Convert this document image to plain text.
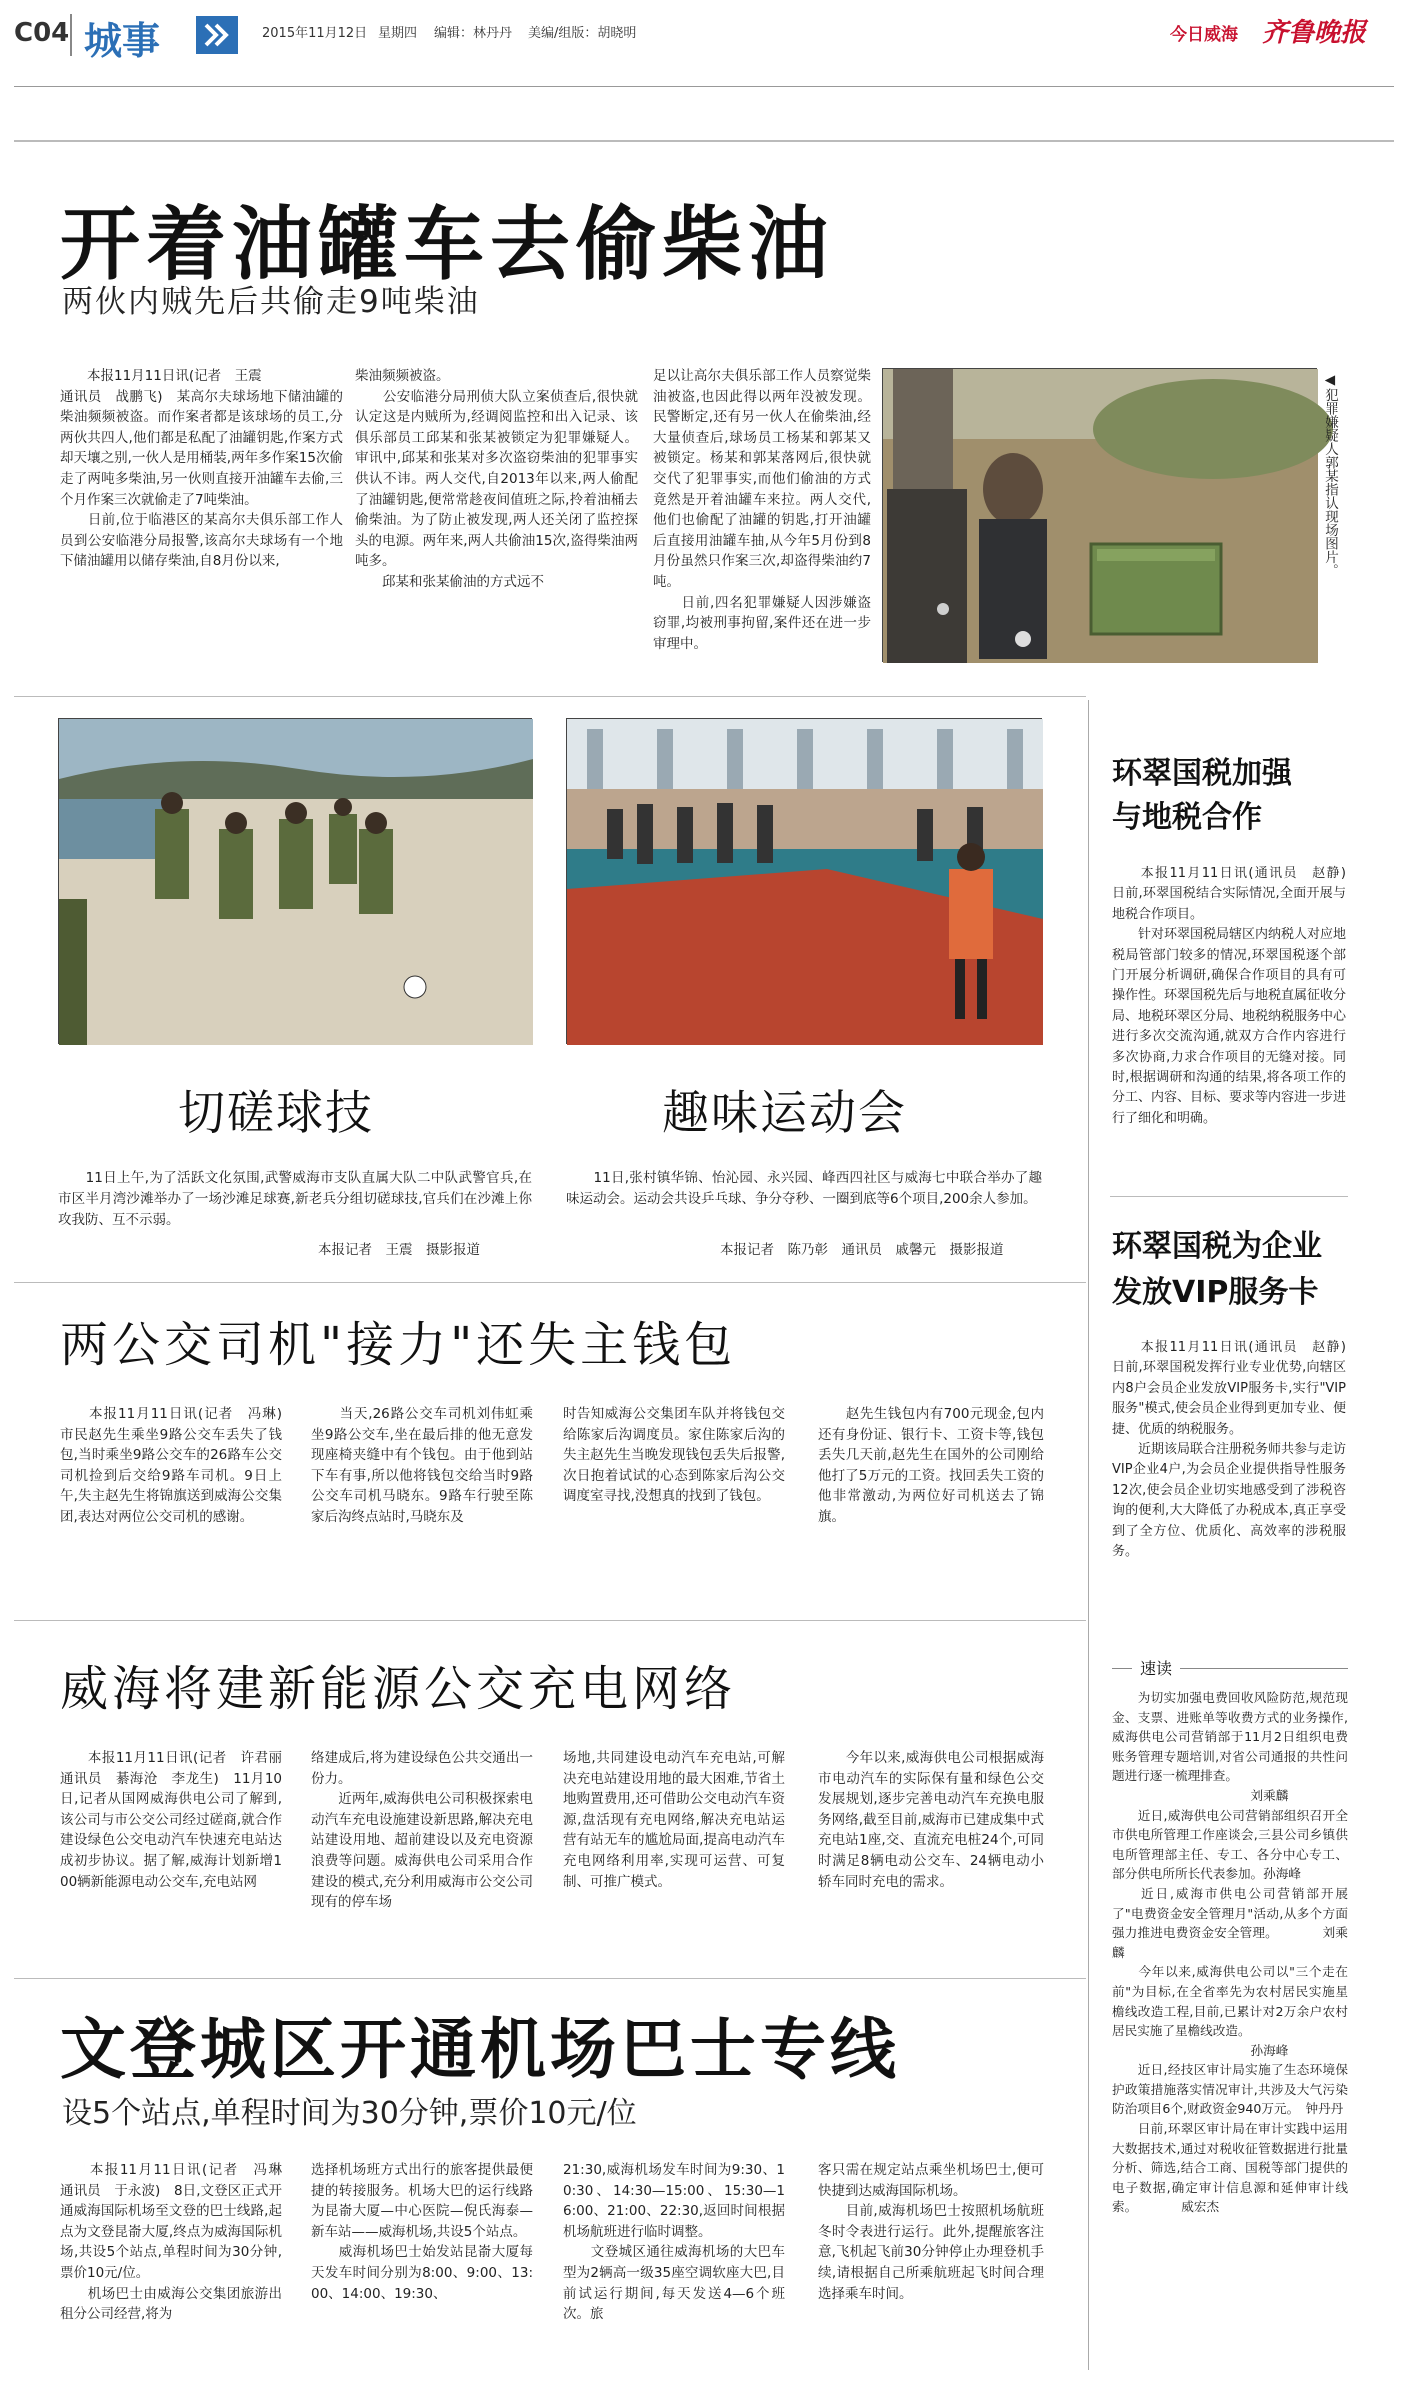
C04 城事	2015年11月12日 星期四 编辑：林丹丹 美编/组版：胡晓明	今日威海 齐鲁晚报
开着油罐车去偷柴油
两伙内贼先后共偷走9吨柴油
　　本报11月11日讯(记者　王震
通讯员　战鹏飞)　某高尔夫球场地下储油罐的柴油频频被盗。而作案者都是该球场的员工,分两伙共四人,他们都是私配了油罐钥匙,作案方式却天壤之别,一伙人是用桶装,两年多作案15次偷走了两吨多柴油,另一伙则直接开油罐车去偷,三个月作案三次就偷走了7吨柴油。
　　日前,位于临港区的某高尔夫俱乐部工作人员到公安临港分局报警,该高尔夫球场有一个地下储油罐用以储存柴油,自8月份以来,
柴油频频被盗。
　　公安临港分局刑侦大队立案侦查后,很快就认定这是内贼所为,经调阅监控和出入记录、该俱乐部员工邱某和张某被锁定为犯罪嫌疑人。审讯中,邱某和张某对多次盗窃柴油的犯罪事实供认不讳。两人交代,自2013年以来,两人偷配了油罐钥匙,便常常趁夜间值班之际,拎着油桶去偷柴油。为了防止被发现,两人还关闭了监控探头的电源。两年来,两人共偷油15次,盗得柴油两吨多。
　　邱某和张某偷油的方式远不
足以让高尔夫俱乐部工作人员察觉柴油被盗,也因此得以两年没被发现。民警断定,还有另一伙人在偷柴油,经大量侦查后,球场员工杨某和郭某又被锁定。杨某和郭某落网后,很快就交代了犯罪事实,而他们偷油的方式竟然是开着油罐车来拉。两人交代,他们也偷配了油罐的钥匙,打开油罐后直接用油罐车抽,从今年5月份到8月份虽然只作案三次,却盗得柴油约7吨。
　　日前,四名犯罪嫌疑人因涉嫌盗窃罪,均被刑事拘留,案件还在进一步审理中。
◀犯罪嫌疑人郭某指认现场图片。
切磋球技	趣味运动会
　　11日上午,为了活跃文化氛围,武警威海市支队直属大队二中队武警官兵,在市区半月湾沙滩举办了一场沙滩足球赛,新老兵分组切磋球技,官兵们在沙滩上你攻我防、互不示弱。
本报记者　王震　摄影报道
　　11日,张村镇华锦、怡沁园、永兴园、峰西四社区与威海七中联合举办了趣味运动会。运动会共设乒乓球、争分夺秒、一圈到底等6个项目,200余人参加。
本报记者　陈乃彰　通讯员　戚馨元　摄影报道
两公交司机"接力"还失主钱包
　　本报11月11日讯(记者　冯琳)　市民赵先生乘坐9路公交车丢失了钱包,当时乘坐9路公交车的26路车公交司机捡到后交给9路车司机。9日上午,失主赵先生将锦旗送到威海公交集团,表达对两位公交司机的感谢。
　　当天,26路公交车司机刘伟虹乘坐9路公交车,坐在最后排的他无意发现座椅夹缝中有个钱包。由于他到站下车有事,所以他将钱包交给当时9路公交车司机马晓东。9路车行驶至陈家后沟终点站时,马晓东及
时告知威海公交集团车队并将钱包交给陈家后沟调度员。家住陈家后沟的失主赵先生当晚发现钱包丢失后报警,次日抱着试试的心态到陈家后沟公交调度室寻找,没想真的找到了钱包。
　　赵先生钱包内有700元现金,包内还有身份证、银行卡、工资卡等,钱包丢失几天前,赵先生在国外的公司刚给他打了5万元的工资。找回丢失工资的他非常激动,为两位好司机送去了锦旗。
威海将建新能源公交充电网络
　　本报11月11日讯(记者　许君丽　通讯员　綦海沧　李龙生)　11月10日,记者从国网威海供电公司了解到,该公司与市公交公司经过磋商,就合作建设绿色公交电动汽车快速充电站达成初步协议。据了解,威海计划新增100辆新能源电动公交车,充电站网
络建成后,将为建设绿色公共交通出一份力。
　　近两年,威海供电公司积极探索电动汽车充电设施建设新思路,解决充电站建设用地、超前建设以及充电资源浪费等问题。威海供电公司采用合作建设的模式,充分利用威海市公交公司现有的停车场
场地,共同建设电动汽车充电站,可解决充电站建设用地的最大困难,节省土地购置费用,还可借助公交电动汽车资源,盘活现有充电网络,解决充电站运营有站无车的尴尬局面,提高电动汽车充电网络利用率,实现可运营、可复制、可推广模式。
　　今年以来,威海供电公司根据威海市电动汽车的实际保有量和绿色公交发展规划,逐步完善电动汽车充换电服务网络,截至目前,威海市已建成集中式充电站1座,交、直流充电桩24个,可同时满足8辆电动公交车、24辆电动小轿车同时充电的需求。
文登城区开通机场巴士专线
设5个站点,单程时间为30分钟,票价10元/位
　　本报11月11日讯(记者　冯琳　通讯员　于永波)　8日,文登区正式开通威海国际机场至文登的巴士线路,起点为文登昆嵛大厦,终点为威海国际机场,共设5个站点,单程时间为30分钟,票价10元/位。
　　机场巴士由威海公交集团旅游出租分公司经营,将为
选择机场班方式出行的旅客提供最便捷的转接服务。机场大巴的运行线路为昆嵛大厦—中心医院—倪氏海泰—新车站——威海机场,共设5个站点。
　　威海机场巴士始发站昆嵛大厦每天发车时间分别为8:00、9:00、13:00、14:00、19:30、
21:30,威海机场发车时间为9:30、10:30、14:30—15:00、15:30—16:00、21:00、22:30,返回时间根据机场航班进行临时调整。
　　文登城区通往威海机场的大巴车型为2辆高一级35座空调软座大巴,目前试运行期间,每天发送4—6个班次。旅
客只需在规定站点乘坐机场巴士,便可快捷到达威海国际机场。
　　目前,威海机场巴士按照机场航班冬时令表进行运行。此外,提醒旅客注意,飞机起飞前30分钟停止办理登机手续,请根据自己所乘航班起飞时间合理选择乘车时间。
环翠国税加强
与地税合作
　　本报11月11日讯(通讯员　赵静)　日前,环翠国税结合实际情况,全面开展与地税合作项目。
　　针对环翠国税局辖区内纳税人对应地税局管部门较多的情况,环翠国税逐个部门开展分析调研,确保合作项目的具有可操作性。环翠国税先后与地税直属征收分局、地税环翠区分局、地税纳税服务中心进行多次交流沟通,就双方合作内容进行多次协商,力求合作项目的无缝对接。同时,根据调研和沟通的结果,将各项工作的分工、内容、目标、要求等内容进一步进行了细化和明确。
环翠国税为企业
发放VIP服务卡
　　本报11月11日讯(通讯员　赵静)　日前,环翠国税发挥行业专业优势,向辖区内8户会员企业发放VIP服务卡,实行"VIP服务"模式,使会员企业得到更加专业、便捷、优质的纳税服务。
　　近期该局联合注册税务师共参与走访VIP企业4户,为会员企业提供指导性服务12次,使会员企业切实地感受到了涉税咨询的便利,大大降低了办税成本,真正享受到了全方位、优质化、高效率的涉税服务。
速读
　　为切实加强电费回收风险防范,规范现金、支票、进账单等收费方式的业务操作,威海供电公司营销部于11月2日组织电费账务管理专题培训,对省公司通报的共性问题进行逐一梳理排查。
　　　　　　　　　　　刘乘麟
　　近日,威海供电公司营销部组织召开全市供电所管理工作座谈会,三县公司乡镇供电所管理部主任、专工、各分中心专工、部分供电所所长代表参加。孙海峰
　　近日,威海市供电公司营销部开展了"电费资金安全管理月"活动,从多个方面强力推进电费资金安全管理。　　　　刘乘麟
　　今年以来,威海供电公司以"三个走在前"为目标,在全省率先为农村居民实施星檐线改造工程,目前,已累计对2万余户农村居民实施了星檐线改造。
　　　　　　　　　　　孙海峰
　　近日,经技区审计局实施了生态环境保护政策措施落实情况审计,共涉及大气污染防治项目6个,财政资金940万元。　钟丹丹
　　日前,环翠区审计局在审计实践中运用大数据技术,通过对税收征管数据进行批量分析、筛选,结合工商、国税等部门提供的电子数据,确定审计信息源和延伸审计线索。　　　　威宏杰
